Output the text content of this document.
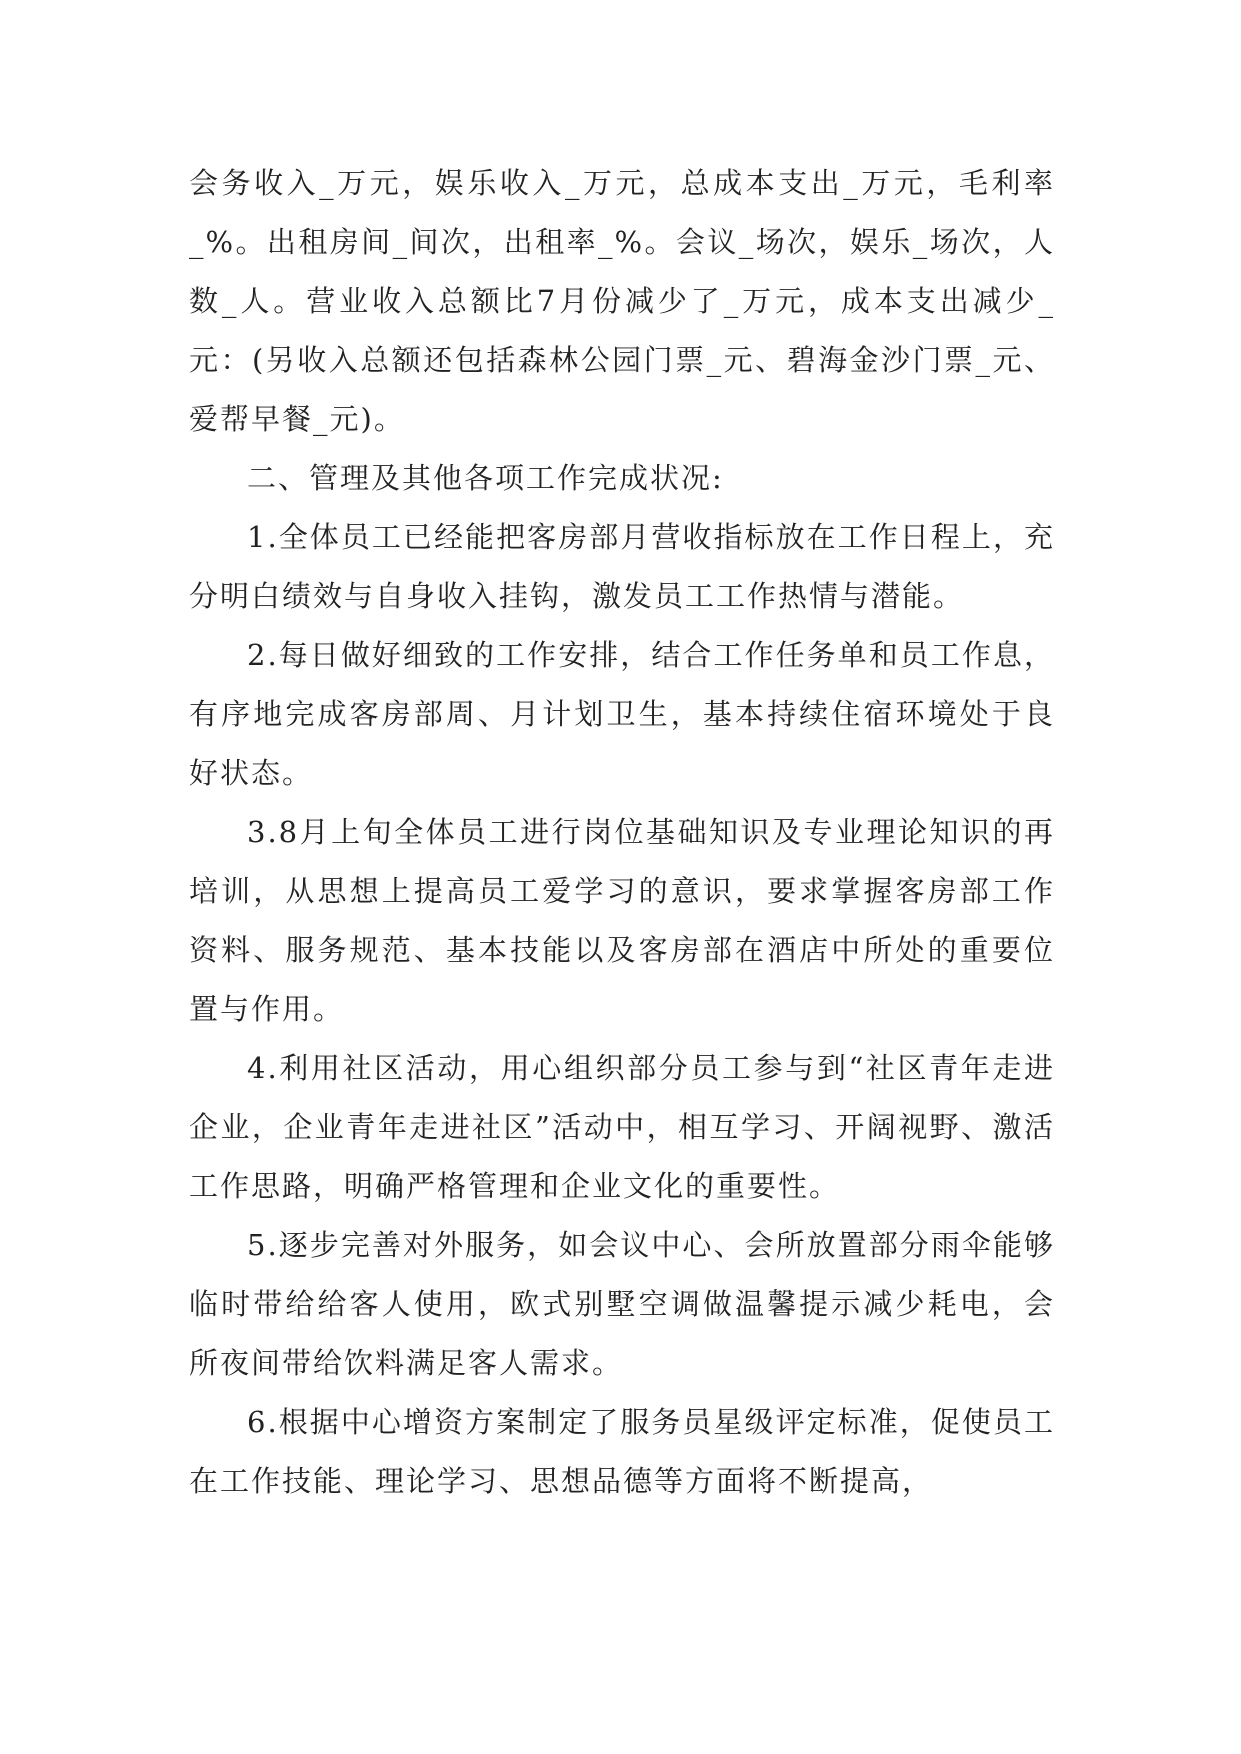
会务收入_万元，娱乐收入_万元，总成本支出_万元，毛利率_%。出租房间_间次，出租率_%。会议_场次，娱乐_场次，人数_人。营业收入总额比7月份减少了_万元，成本支出减少_元：(另收入总额还包括森林公园门票_元、碧海金沙门票_元、爱帮早餐_元)。

二、管理及其他各项工作完成状况:

1.全体员工已经能把客房部月营收指标放在工作日程上，充分明白绩效与自身收入挂钩，激发员工工作热情与潜能。

2.每日做好细致的工作安排，结合工作任务单和员工作息，有序地完成客房部周、月计划卫生，基本持续住宿环境处于良好状态。

3.8月上旬全体员工进行岗位基础知识及专业理论知识的再培训，从思想上提高员工爱学习的意识，要求掌握客房部工作资料、服务规范、基本技能以及客房部在酒店中所处的重要位置与作用。

4.利用社区活动，用心组织部分员工参与到“社区青年走进企业，企业青年走进社区”活动中，相互学习、开阔视野、激活工作思路，明确严格管理和企业文化的重要性。

5.逐步完善对外服务，如会议中心、会所放置部分雨伞能够临时带给给客人使用，欧式别墅空调做温馨提示减少耗电，会所夜间带给饮料满足客人需求。

6.根据中心增资方案制定了服务员星级评定标准，促使员工在工作技能、理论学习、思想品德等方面将不断提高，
